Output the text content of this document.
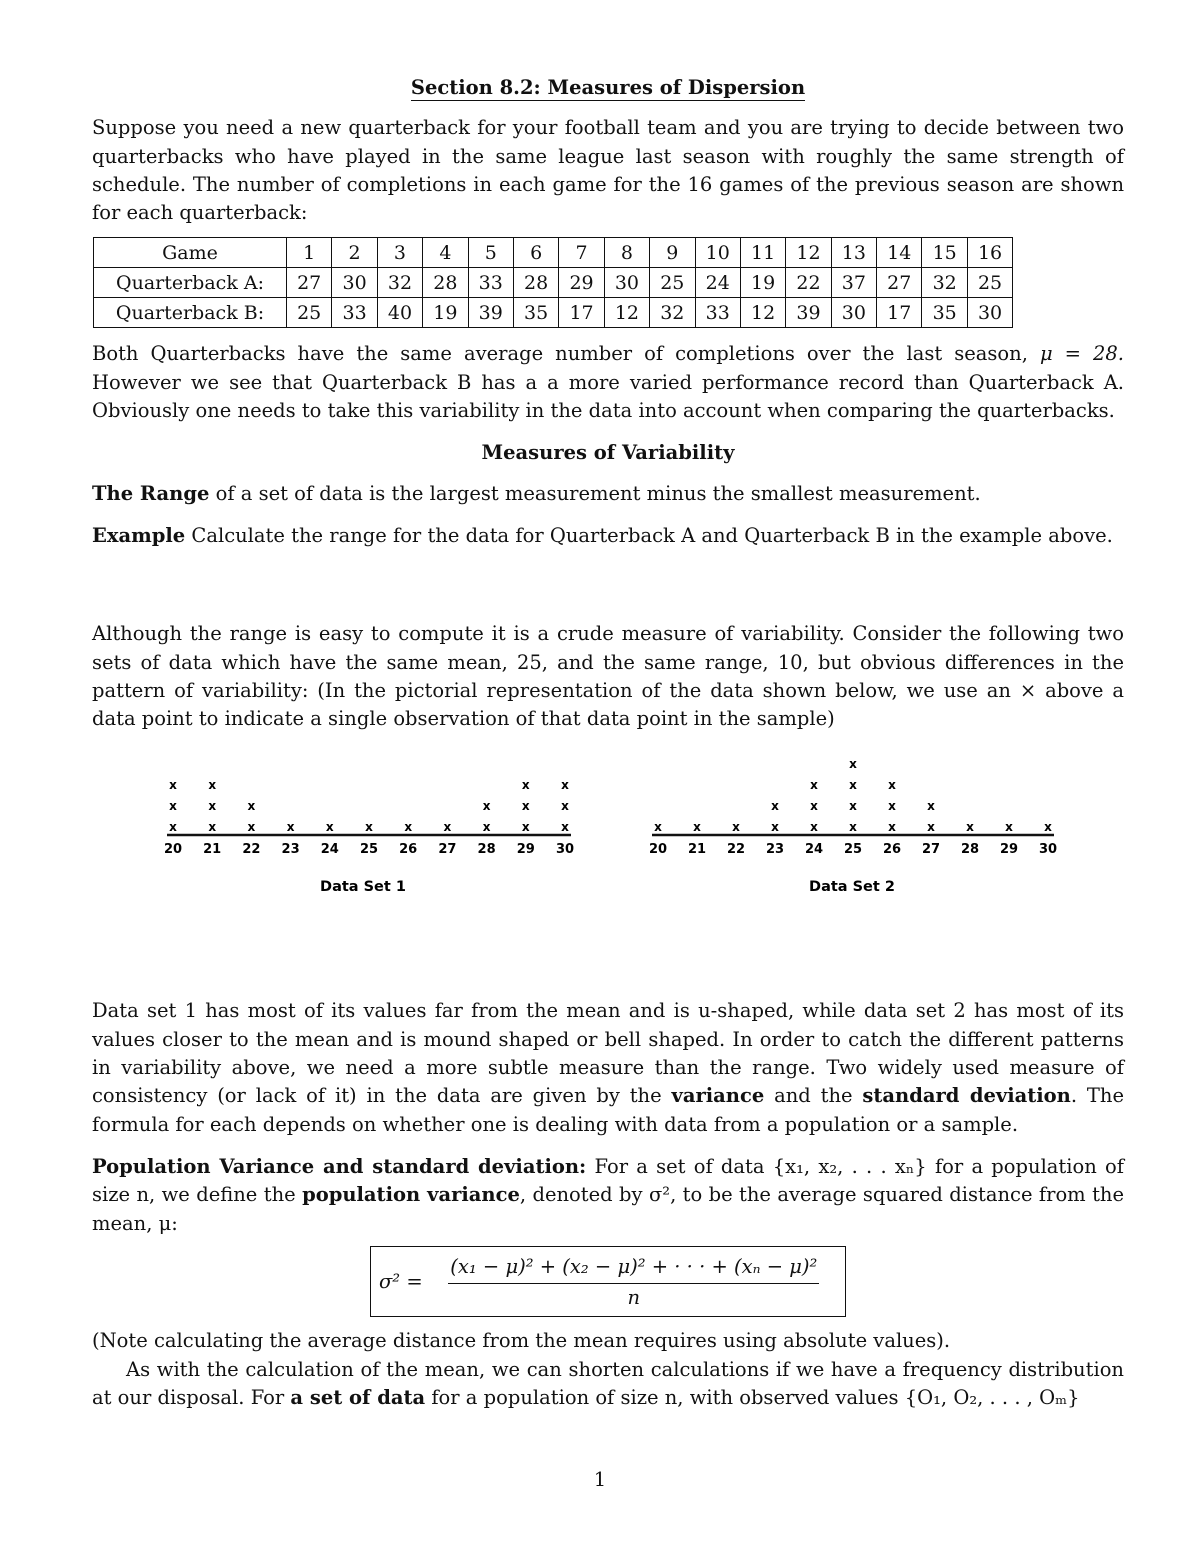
Section 8.2: Measures of Dispersion

Suppose you need a new quarterback for your football team and you are trying to decide between two quarterbacks who have played in the same league last season with roughly the same strength of schedule. The number of completions in each game for the 16 games of the previous season are shown for each quarterback:

Game	1	2	3	4	5	6	7	8	9	10	11	12	13	14	15	16
Quarterback A:	27	30	32	28	33	28	29	30	25	24	19	22	37	27	32	25
Quarterback B:	25	33	40	19	39	35	17	12	32	33	12	39	30	17	35	30

Both Quarterbacks have the same average number of completions over the last season, μ = 28. However we see that Quarterback B has a a more varied performance record than Quarterback A. Obviously one needs to take this variability in the data into account when comparing the quarterbacks.

Measures of Variability

The Range of a set of data is the largest measurement minus the smallest measurement.

Example Calculate the range for the data for Quarterback A and Quarterback B in the example above.

Although the range is easy to compute it is a crude measure of variability. Consider the following two sets of data which have the same mean, 25, and the same range, 10, but obvious differences in the pattern of variability: (In the pictorial representation of the data shown below, we use an × above a data point to indicate a single observation of that data point in the sample)

20
x
x
x
21
x
x
x
22
x
x
23
x
24
x
25
x
26
x
27
x
28
x
x
29
x
x
x
30
x
x
x
Data Set 1
20
x
21
x
22
x
23
x
x
24
x
x
x
25
x
x
x
x
26
x
x
x
27
x
x
28
x
29
x
30
x
Data Set 2

Data set 1 has most of its values far from the mean and is u-shaped, while data set 2 has most of its values closer to the mean and is mound shaped or bell shaped. In order to catch the different patterns in variability above, we need a more subtle measure than the range. Two widely used measure of consistency (or lack of it) in the data are given by the variance and the standard deviation. The formula for each depends on whether one is dealing with data from a population or a sample.

Population Variance and standard deviation: For a set of data {x₁, x₂, . . . xₙ} for a population of size n, we define the population variance, denoted by σ², to be the average squared distance from the mean, μ:

$\sigma^2 = \frac{\text{(x₁ − μ)² + (x₂ − μ)² + · · · + (xₙ − μ)²}}{n}$

(Note calculating the average distance from the mean requires using absolute values).

As with the calculation of the mean, we can shorten calculations if we have a frequency distribution at our disposal. For a set of data for a population of size n, with observed values {O₁, O₂, . . . , Oₘ}

1
